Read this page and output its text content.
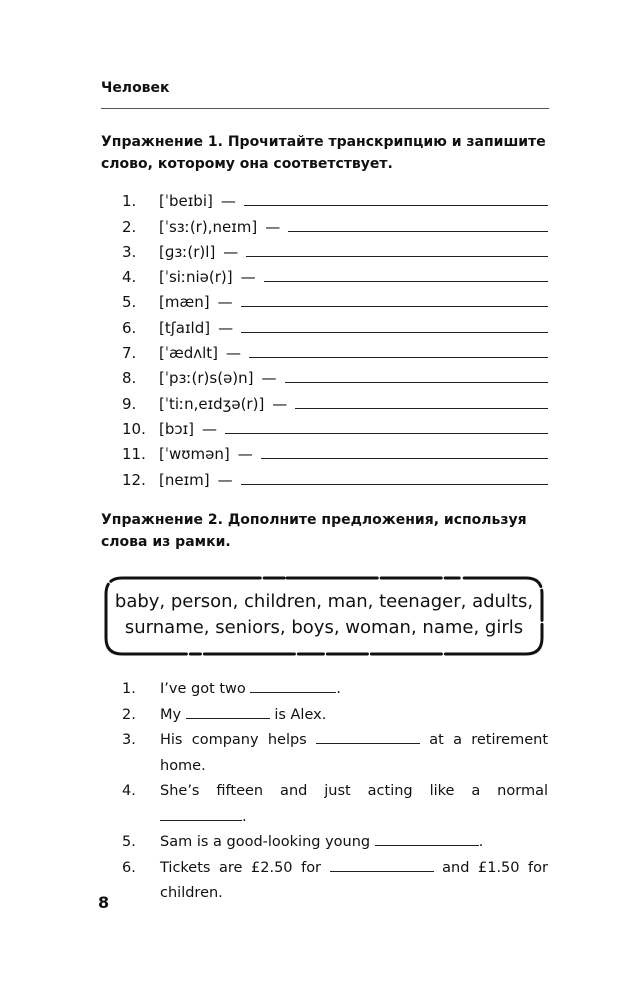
Человек
Упражнение 1. Прочитайте транскрипцию и запишите слово, которому она соответствует.
1.	[ˈbeɪbi] —
2.	[ˈsɜː(r),neɪm] —
3.	[ɡɜː(r)l] —
4.	[ˈsiːniə(r)] —
5.	[mæn] —
6.	[tʃaɪld] —
7.	[ˈædʌlt] —
8.	[ˈpɜː(r)s(ə)n] —
9.	[ˈtiːn,eɪdʒə(r)] —
10. [bɔɪ] —
11. [ˈwʊmən] —
12. [neɪm] —
Упражнение 2. Дополните предложения, используя слова из рамки.
baby, person, children, man, teenager, adults,
surname, seniors, boys, woman, name, girls
1.	I’ve got two	.
2.	My	is Alex.
3.	His company helps	at a retirement home.
4.	She’s fifteen and just acting like a normal .
5.	Sam is a good-looking young	.
6.	Tickets are £2.50 for	and £1.50 for children.
8
